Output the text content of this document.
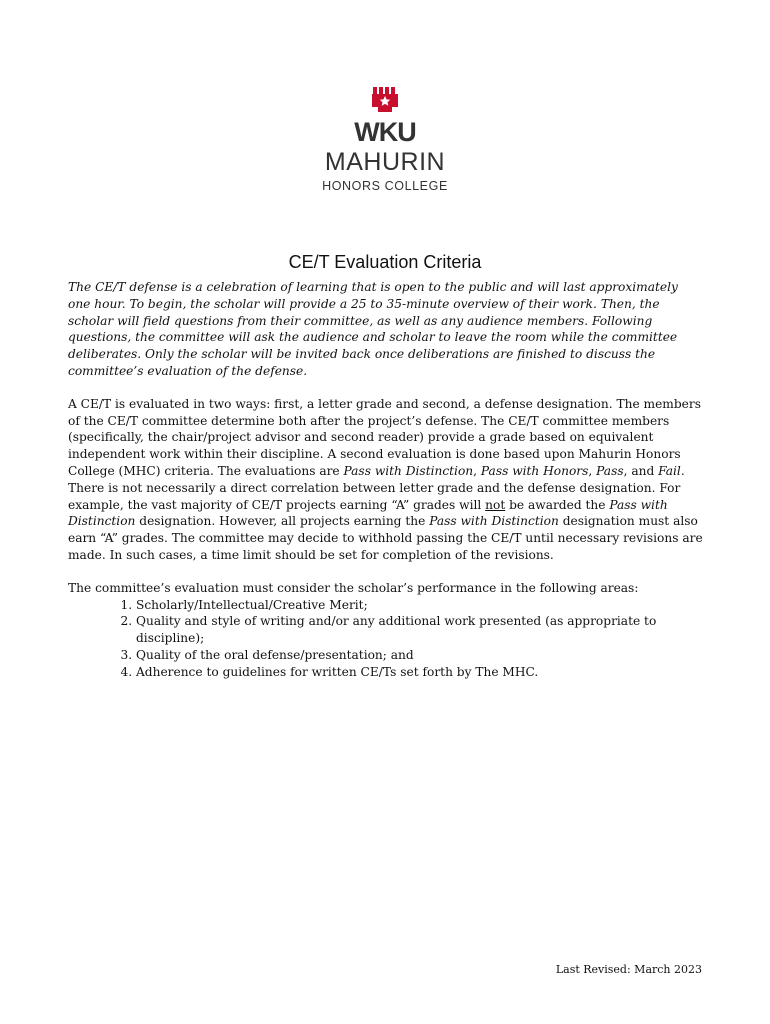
WKU
MAHURIN
HONORS COLLEGE
CE/T Evaluation Criteria

The CE/T defense is a celebration of learning that is open to the public and will last approximately one hour. To begin, the scholar will provide a 25 to 35-minute overview of their work. Then, the scholar will field questions from their committee, as well as any audience members. Following questions, the committee will ask the audience and scholar to leave the room while the committee deliberates. Only the scholar will be invited back once deliberations are finished to discuss the committee’s evaluation of the defense.

A CE/T is evaluated in two ways: first, a letter grade and second, a defense designation. The members of the CE/T committee determine both after the project’s defense. The CE/T committee members (specifically, the chair/project advisor and second reader) provide a grade based on equivalent independent work within their discipline. A second evaluation is done based upon Mahurin Honors College (MHC) criteria. The evaluations are Pass with Distinction, Pass with Honors, Pass, and Fail. There is not necessarily a direct correlation between letter grade and the defense designation. For example, the vast majority of CE/T projects earning “A” grades will not be awarded the Pass with Distinction designation. However, all projects earning the Pass with Distinction designation must also earn “A” grades. The committee may decide to withhold passing the CE/T until necessary revisions are made. In such cases, a time limit should be set for completion of the revisions.

The committee’s evaluation must consider the scholar’s performance in the following areas:
1. Scholarly/Intellectual/Creative Merit;
2. Quality and style of writing and/or any additional work presented (as appropriate to discipline);
3. Quality of the oral defense/presentation; and
4. Adherence to guidelines for written CE/Ts set forth by The MHC.
Last Revised: March 2023
